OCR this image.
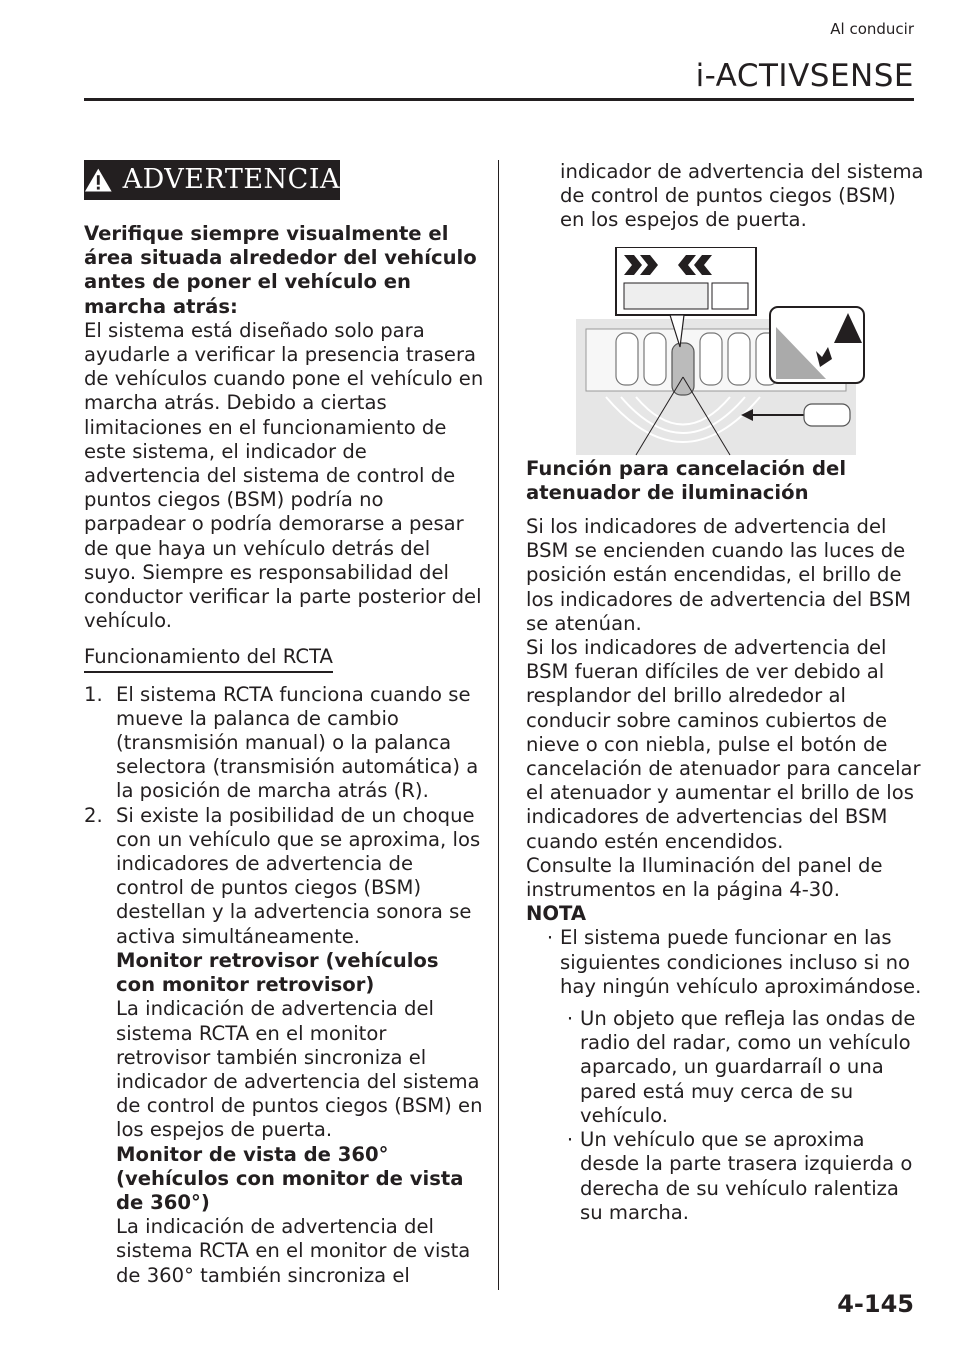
Al conducir
i-ACTIVSENSE
ADVERTENCIA

Verifique siempre visualmente el área situada alrededor del vehículo antes de poner el vehículo en marcha atrás:

El sistema está diseñado solo para ayudarle a verificar la presencia trasera de vehículos cuando pone el vehículo en marcha atrás. Debido a ciertas limitaciones en el funcionamiento de este sistema, el indicador de advertencia del sistema de control de puntos ciegos (BSM) podría no parpadear o podría demorarse a pesar de que haya un vehículo detrás del suyo. Siempre es responsabilidad del conductor verificar la parte posterior del vehículo.

Funcionamiento del RCTA
1. El sistema RCTA funciona cuando se mueve la palanca de cambio (transmisión manual) o la palanca selectora (transmisión automática) a la posición de marcha atrás (R).
2. Si existe la posibilidad de un choque con un vehículo que se aproxima, los indicadores de advertencia de control de puntos ciegos (BSM) destellan y la advertencia sonora se activa simultáneamente.

Monitor retrovisor (vehículos con monitor retrovisor)

La indicación de advertencia del sistema RCTA en el monitor retrovisor también sincroniza el indicador de advertencia del sistema de control de puntos ciegos (BSM) en los espejos de puerta.

Monitor de vista de 360° (vehículos con monitor de vista de 360°)

La indicación de advertencia del sistema RCTA en el monitor de vista de 360° también sincroniza el

indicador de advertencia del sistema de control de puntos ciegos (BSM) en los espejos de puerta.

Función para cancelación del atenuador de iluminación

Si los indicadores de advertencia del BSM se encienden cuando las luces de posición están encendidas, el brillo de los indicadores de advertencia del BSM se atenúan.

Si los indicadores de advertencia del BSM fueran difíciles de ver debido al resplandor del brillo alrededor al conducir sobre caminos cubiertos de nieve o con niebla, pulse el botón de cancelación de atenuador para cancelar el atenuador y aumentar el brillo de los indicadores de advertencias del BSM cuando estén encendidos.

Consulte la Iluminación del panel de instrumentos en la página 4-30.

NOTA

· El sistema puede funcionar en las siguientes condiciones incluso si no hay ningún vehículo aproximándose.
· Un objeto que refleja las ondas de radio del radar, como un vehículo aparcado, un guardarraíl o una pared está muy cerca de su vehículo.
· Un vehículo que se aproxima desde la parte trasera izquierda o derecha de su vehículo ralentiza su marcha.
4-145
